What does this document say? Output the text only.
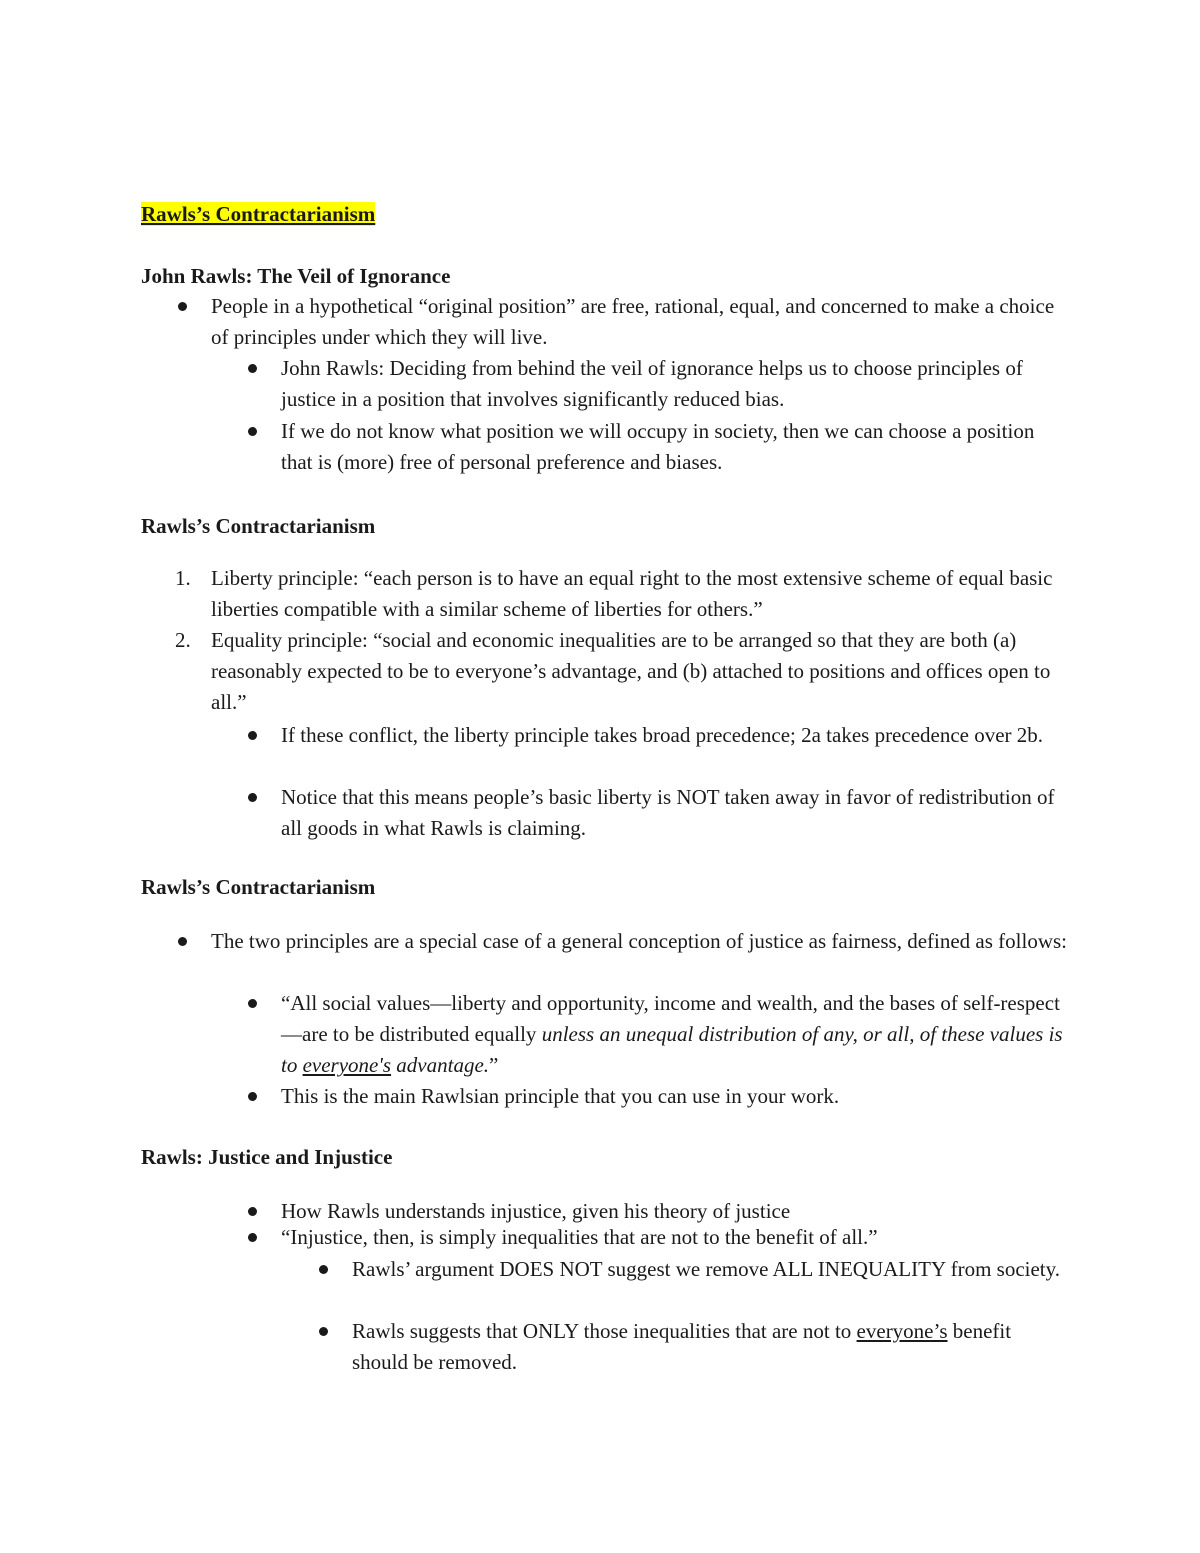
Rawls’s Contractarianism
John Rawls: The Veil of Ignorance
People in a hypothetical “original position” are free, rational, equal, and concerned to make a choice of principles under which they will live.
John Rawls: Deciding from behind the veil of ignorance helps us to choose principles of justice in a position that involves significantly reduced bias.
If we do not know what position we will occupy in society, then we can choose a position that is (more) free of personal preference and biases.
Rawls’s Contractarianism
1. Liberty principle: “each person is to have an equal right to the most extensive scheme of equal basic liberties compatible with a similar scheme of liberties for others.”
2. Equality principle: “social and economic inequalities are to be arranged so that they are both (a) reasonably expected to be to everyone’s advantage, and (b) attached to positions and offices open to all.”
If these conflict, the liberty principle takes broad precedence; 2a takes precedence over 2b.
Notice that this means people’s basic liberty is NOT taken away in favor of redistribution of all goods in what Rawls is claiming.
Rawls’s Contractarianism
The two principles are a special case of a general conception of justice as fairness, defined as follows:
“All social values—liberty and opportunity, income and wealth, and the bases of self-respect—are to be distributed equally unless an unequal distribution of any, or all, of these values is to everyone's advantage.”
This is the main Rawlsian principle that you can use in your work.
Rawls: Justice and Injustice
How Rawls understands injustice, given his theory of justice
“Injustice, then, is simply inequalities that are not to the benefit of all.”
Rawls’ argument DOES NOT suggest we remove ALL INEQUALITY from society.
Rawls suggests that ONLY those inequalities that are not to everyone’s benefit should be removed.
